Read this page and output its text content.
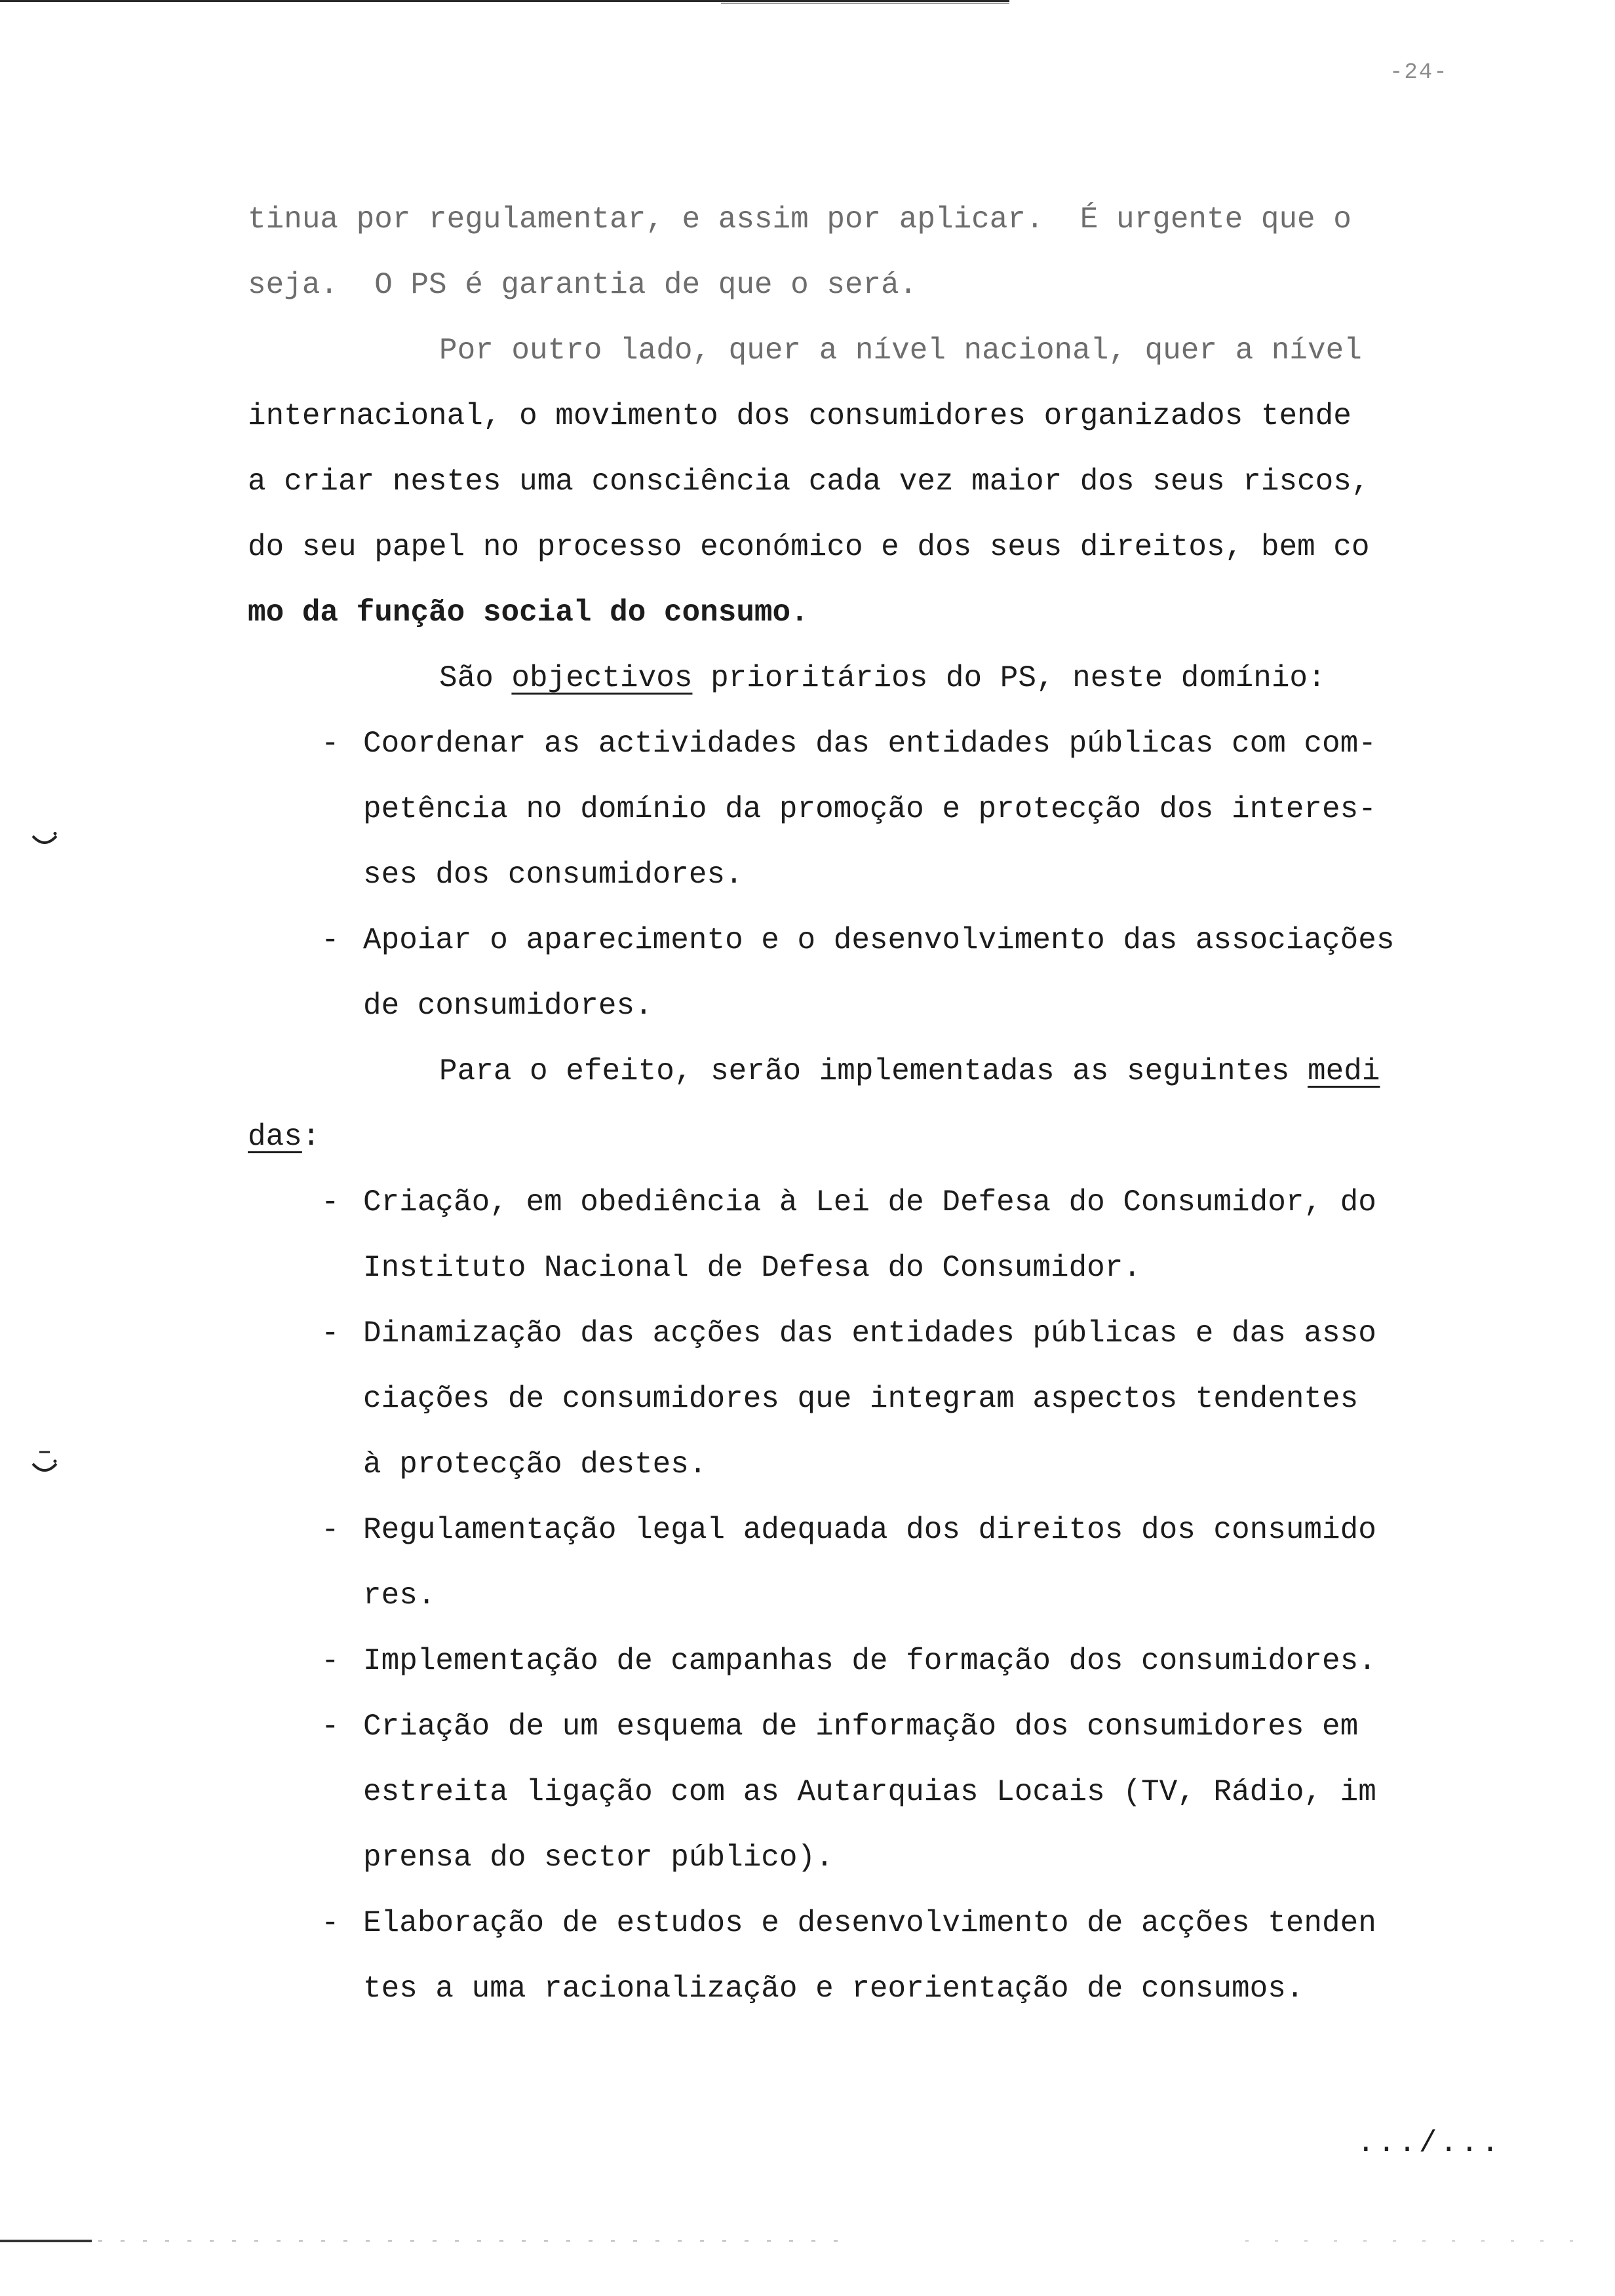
-24-
tinua por regulamentar, e assim por aplicar.  É urgente que o
seja.  O PS é garantia de que o será.
Por outro lado, quer a nível nacional, quer a nível
internacional, o movimento dos consumidores organizados tende
a criar nestes uma consciência cada vez maior dos seus riscos,
do seu papel no processo económico e dos seus direitos, bem co
mo da função social do consumo.
São objectivos prioritários do PS, neste domínio:
- Coordenar as actividades das entidades públicas com com-
petência no domínio da promoção e protecção dos interes-
ses dos consumidores.
- Apoiar o aparecimento e o desenvolvimento das associações
de consumidores.
Para o efeito, serão implementadas as seguintes medi
das:
- Criação, em obediência à Lei de Defesa do Consumidor, do
Instituto Nacional de Defesa do Consumidor.
- Dinamização das acções das entidades públicas e das asso
ciações de consumidores que integram aspectos tendentes
à protecção destes.
- Regulamentação legal adequada dos direitos dos consumido
res.
- Implementação de campanhas de formação dos consumidores.
- Criação de um esquema de informação dos consumidores em
estreita ligação com as Autarquias Locais (TV, Rádio, im
prensa do sector público).
- Elaboração de estudos e desenvolvimento de acções tenden
tes a uma racionalização e reorientação de consumos.
.../...
